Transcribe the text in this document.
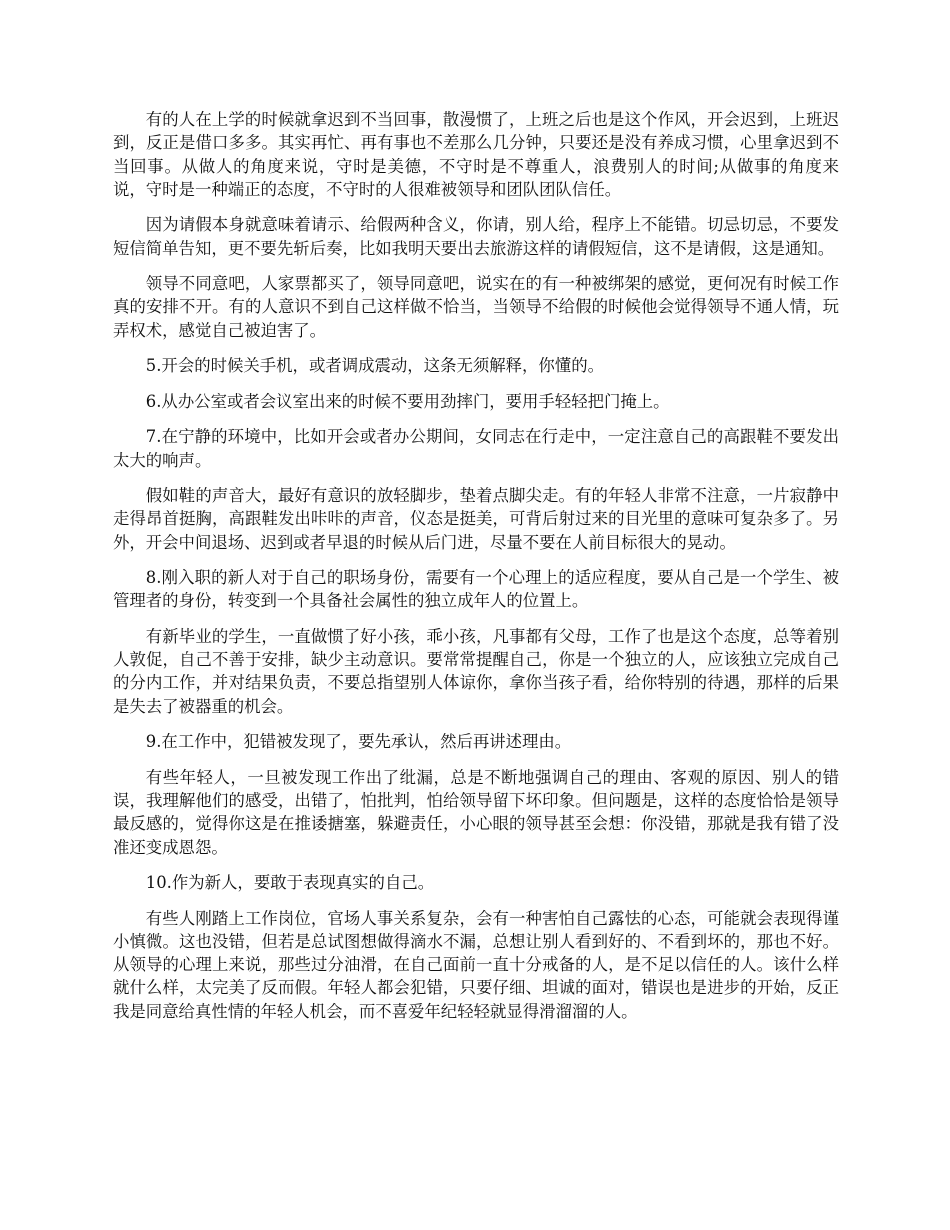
有的人在上学的时候就拿迟到不当回事，散漫惯了，上班之后也是这个作风，开会迟到，上班迟到，反正是借口多多。其实再忙、再有事也不差那么几分钟，只要还是没有养成习惯，心里拿迟到不当回事。从做人的角度来说，守时是美德，不守时是不尊重人，浪费别人的时间;从做事的角度来说，守时是一种端正的态度，不守时的人很难被领导和团队团队信任。

因为请假本身就意味着请示、给假两种含义，你请，别人给，程序上不能错。切忌切忌，不要发短信简单告知，更不要先斩后奏，比如我明天要出去旅游这样的请假短信，这不是请假，这是通知。

领导不同意吧，人家票都买了，领导同意吧，说实在的有一种被绑架的感觉，更何况有时候工作真的安排不开。有的人意识不到自己这样做不恰当，当领导不给假的时候他会觉得领导不通人情，玩弄权术，感觉自己被迫害了。

5.开会的时候关手机，或者调成震动，这条无须解释，你懂的。

6.从办公室或者会议室出来的时候不要用劲摔门，要用手轻轻把门掩上。

7.在宁静的环境中，比如开会或者办公期间，女同志在行走中，一定注意自己的高跟鞋不要发出太大的响声。

假如鞋的声音大，最好有意识的放轻脚步，垫着点脚尖走。有的年轻人非常不注意，一片寂静中走得昂首挺胸，高跟鞋发出咔咔的声音，仪态是挺美，可背后射过来的目光里的意味可复杂多了。另外，开会中间退场、迟到或者早退的时候从后门进，尽量不要在人前目标很大的晃动。

8.刚入职的新人对于自己的职场身份，需要有一个心理上的适应程度，要从自己是一个学生、被管理者的身份，转变到一个具备社会属性的独立成年人的位置上。

有新毕业的学生，一直做惯了好小孩，乖小孩，凡事都有父母，工作了也是这个态度，总等着别人敦促，自己不善于安排，缺少主动意识。要常常提醒自己，你是一个独立的人，应该独立完成自己的分内工作，并对结果负责，不要总指望别人体谅你，拿你当孩子看，给你特别的待遇，那样的后果是失去了被器重的机会。

9.在工作中，犯错被发现了，要先承认，然后再讲述理由。

有些年轻人，一旦被发现工作出了纰漏，总是不断地强调自己的理由、客观的原因、别人的错误，我理解他们的感受，出错了，怕批判，怕给领导留下坏印象。但问题是，这样的态度恰恰是领导最反感的，觉得你这是在推诿搪塞，躲避责任，小心眼的领导甚至会想：你没错，那就是我有错了没准还变成恩怨。

10.作为新人，要敢于表现真实的自己。

有些人刚踏上工作岗位，官场人事关系复杂，会有一种害怕自己露怯的心态，可能就会表现得谨小慎微。这也没错，但若是总试图想做得滴水不漏，总想让别人看到好的、不看到坏的，那也不好。从领导的心理上来说，那些过分油滑，在自己面前一直十分戒备的人，是不足以信任的人。该什么样就什么样，太完美了反而假。年轻人都会犯错，只要仔细、坦诚的面对，错误也是进步的开始，反正我是同意给真性情的年轻人机会，而不喜爱年纪轻轻就显得滑溜溜的人。
